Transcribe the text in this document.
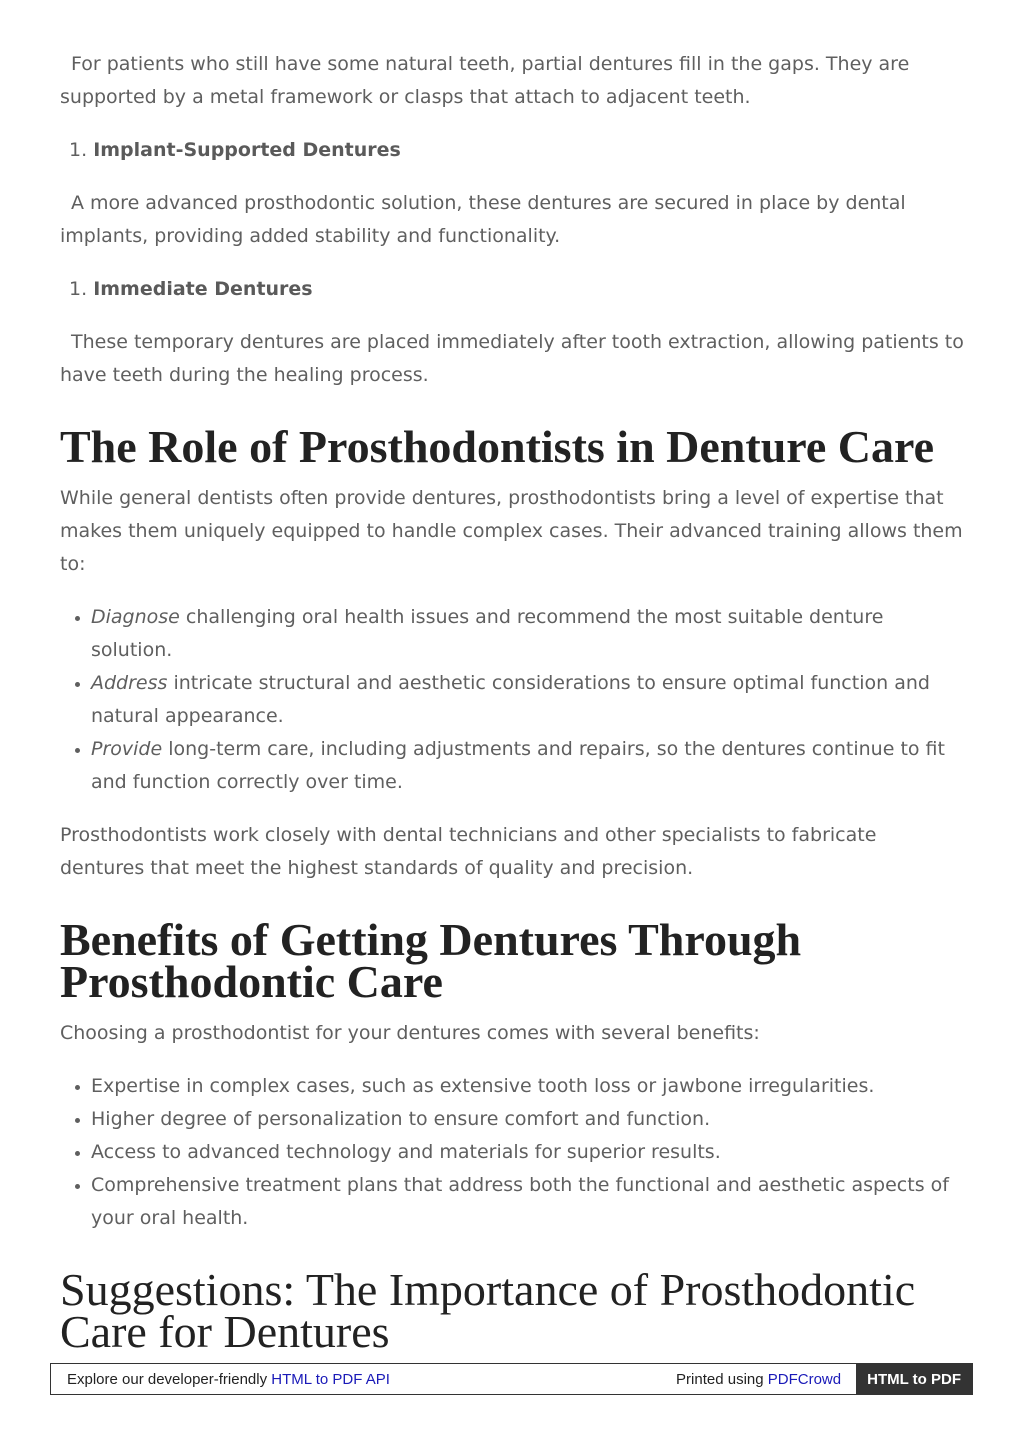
For patients who still have some natural teeth, partial dentures fill in the gaps. They are supported by a metal framework or clasps that attach to adjacent teeth.

1. Implant-Supported Dentures

A more advanced prosthodontic solution, these dentures are secured in place by dental implants, providing added stability and functionality.

1. Immediate Dentures

These temporary dentures are placed immediately after tooth extraction, allowing patients to have teeth during the healing process.

The Role of Prosthodontists in Denture Care

While general dentists often provide dentures, prosthodontists bring a level of expertise that makes them uniquely equipped to handle complex cases. Their advanced training allows them to:

• Diagnose challenging oral health issues and recommend the most suitable denture solution.
• Address intricate structural and aesthetic considerations to ensure optimal function and natural appearance.
• Provide long-term care, including adjustments and repairs, so the dentures continue to fit and function correctly over time.

Prosthodontists work closely with dental technicians and other specialists to fabricate dentures that meet the highest standards of quality and precision.

Benefits of Getting Dentures Through Prosthodontic Care

Choosing a prosthodontist for your dentures comes with several benefits:

• Expertise in complex cases, such as extensive tooth loss or jawbone irregularities.
• Higher degree of personalization to ensure comfort and function.
• Access to advanced technology and materials for superior results.
• Comprehensive treatment plans that address both the functional and aesthetic aspects of your oral health.
Suggestions: The Importance of Prosthodontic Care for Dentures
Explore our developer-friendly HTML to PDF API	Printed using PDFCrowd	HTML to PDF
